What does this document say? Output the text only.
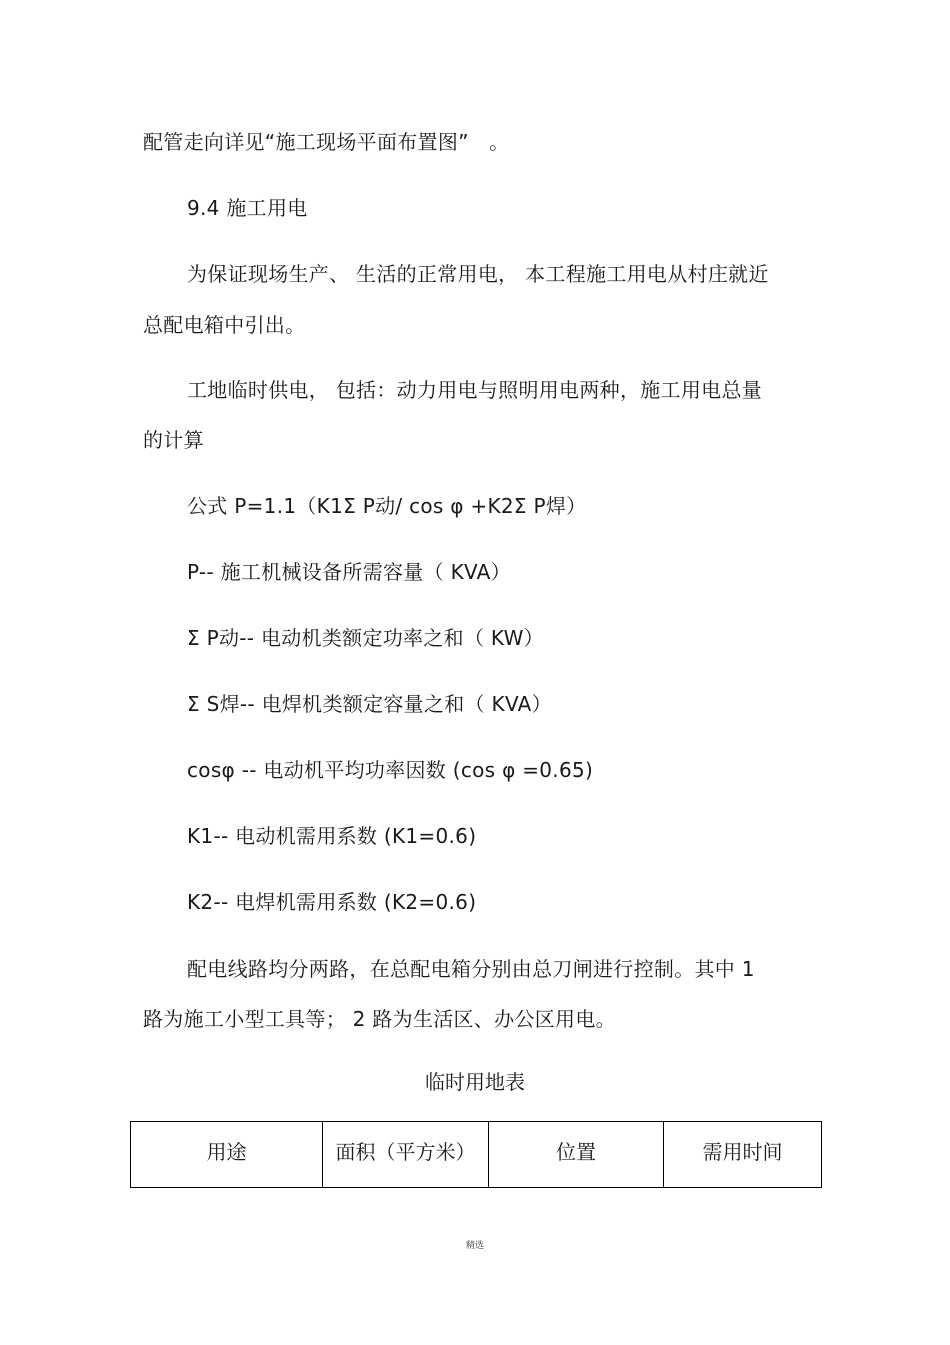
配管走向详见“施工现场平面布置图”　。
9.4 施工用电
为保证现场生产、 生活的正常用电， 本工程施工用电从村庄就近
总配电箱中引出。
工地临时供电， 包括：动力用电与照明用电两种，施工用电总量
的计算
公式 P=1.1（K1Σ P动/ cos φ +K2Σ P焊）
P-- 施工机械设备所需容量（ KVA）
Σ P动-- 电动机类额定功率之和（ KW）
Σ S焊-- 电焊机类额定容量之和（ KVA）
cosφ -- 电动机平均功率因数 (cos φ =0.65)
K1-- 电动机需用系数 (K1=0.6)
K2-- 电焊机需用系数 (K2=0.6)
配电线路均分两路，在总配电箱分别由总刀闸进行控制。其中 1
路为施工小型工具等； 2 路为生活区、办公区用电。
临时用地表
用途	面积（平方米）	位置	需用时间
精选
